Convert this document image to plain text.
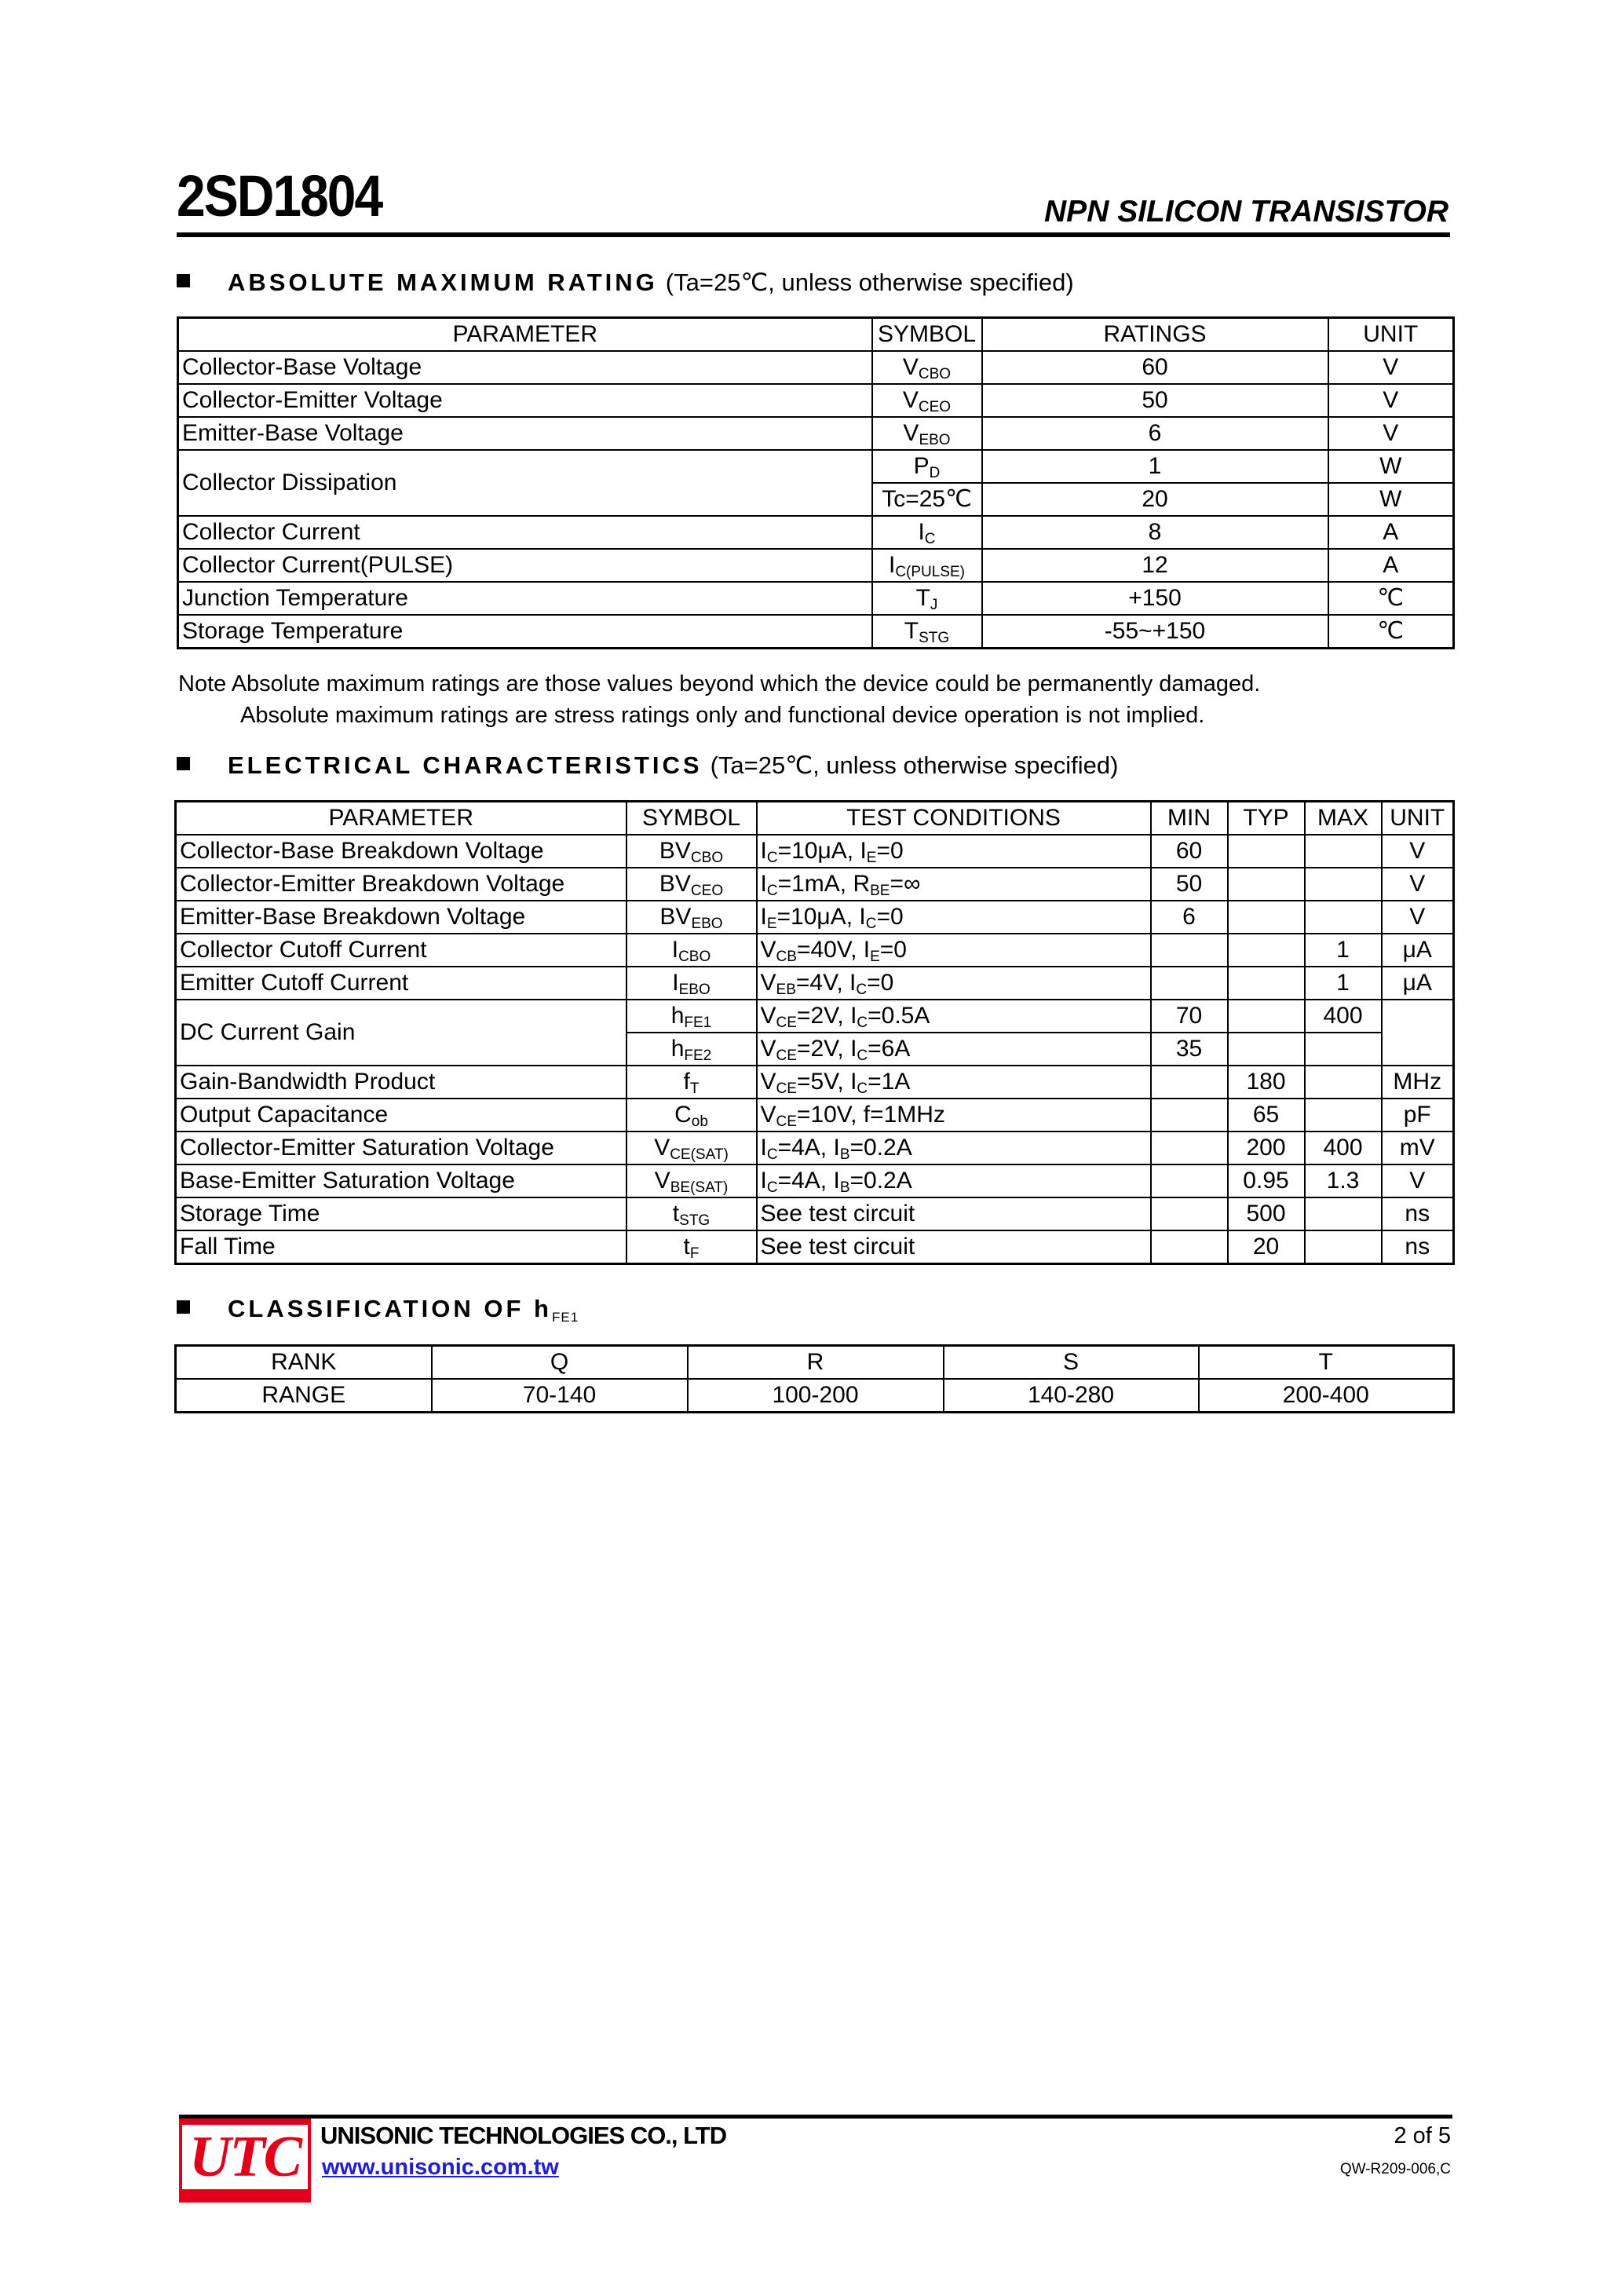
2SD1804	NPN SILICON TRANSISTOR
ABSOLUTE MAXIMUM RATING (Ta=25℃, unless otherwise specified)
PARAMETER	SYMBOL	RATINGS	UNIT
Collector-Base Voltage	$V_{CBO}$	60	V
Collector-Emitter Voltage	$V_{CEO}$	50	V
Emitter-Base Voltage	$V_{EBO}$	6	V
Collector Dissipation	$P_D$	1	W
	Tc=25℃	20	W
Collector Current	$I_C$	8	A
Collector Current(PULSE)	$I_{C(PULSE)}$	12	A
Junction Temperature	$T_J$	+150	℃
Storage Temperature	$T_{STG}$	-55~+150	℃
Note Absolute maximum ratings are those values beyond which the device could be permanently damaged.
Absolute maximum ratings are stress ratings only and functional device operation is not implied.
ELECTRICAL CHARACTERISTICS (Ta=25℃, unless otherwise specified)
PARAMETER	SYMBOL	TEST CONDITIONS	MIN	TYP	MAX	UNIT
Collector-Base Breakdown Voltage	$BV_{CBO}$	$I_C=10\mu A$, $I_E=0$	60			V
Collector-Emitter Breakdown Voltage	$BV_{CEO}$	$I_C=1mA$, $R_{BE}=\infty$	50			V
Emitter-Base Breakdown Voltage	$BV_{EBO}$	$I_E=10\mu A$, $I_C=0$	6			V
Collector Cutoff Current	$I_{CBO}$	$V_{CB}=40V$, $I_E=0$			1	μA
Emitter Cutoff Current	$I_{EBO}$	$V_{EB}=4V$, $I_C=0$			1	μA
DC Current Gain	$h_{FE1}$	$V_{CE}=2V$, $I_C=0.5A$	70		400	
	$h_{FE2}$	$V_{CE}=2V$, $I_C=6A$	35			
Gain-Bandwidth Product	$f_T$	$V_{CE}=5V$, $I_C=1A$		180		MHz
Output Capacitance	$C_{ob}$	$V_{CE}=10V$, f=1MHz		65		pF
Collector-Emitter Saturation Voltage	$V_{CE(SAT)}$	$I_C=4A$, $I_B=0.2A$		200	400	mV
Base-Emitter Saturation Voltage	$V_{BE(SAT)}$	$I_C=4A$, $I_B=0.2A$		0.95	1.3	V
Storage Time	$t_{STG}$	See test circuit		500		ns
Fall Time	$t_F$	See test circuit		20		ns
CLASSIFICATION OF $h_{FE1}$
RANK	Q	R	S	T
RANGE	70-140	100-200	140-280	200-400
UTC UNISONIC TECHNOLOGIES CO., LTD
www.unisonic.com.tw
2 of 5
QW-R209-006,C
